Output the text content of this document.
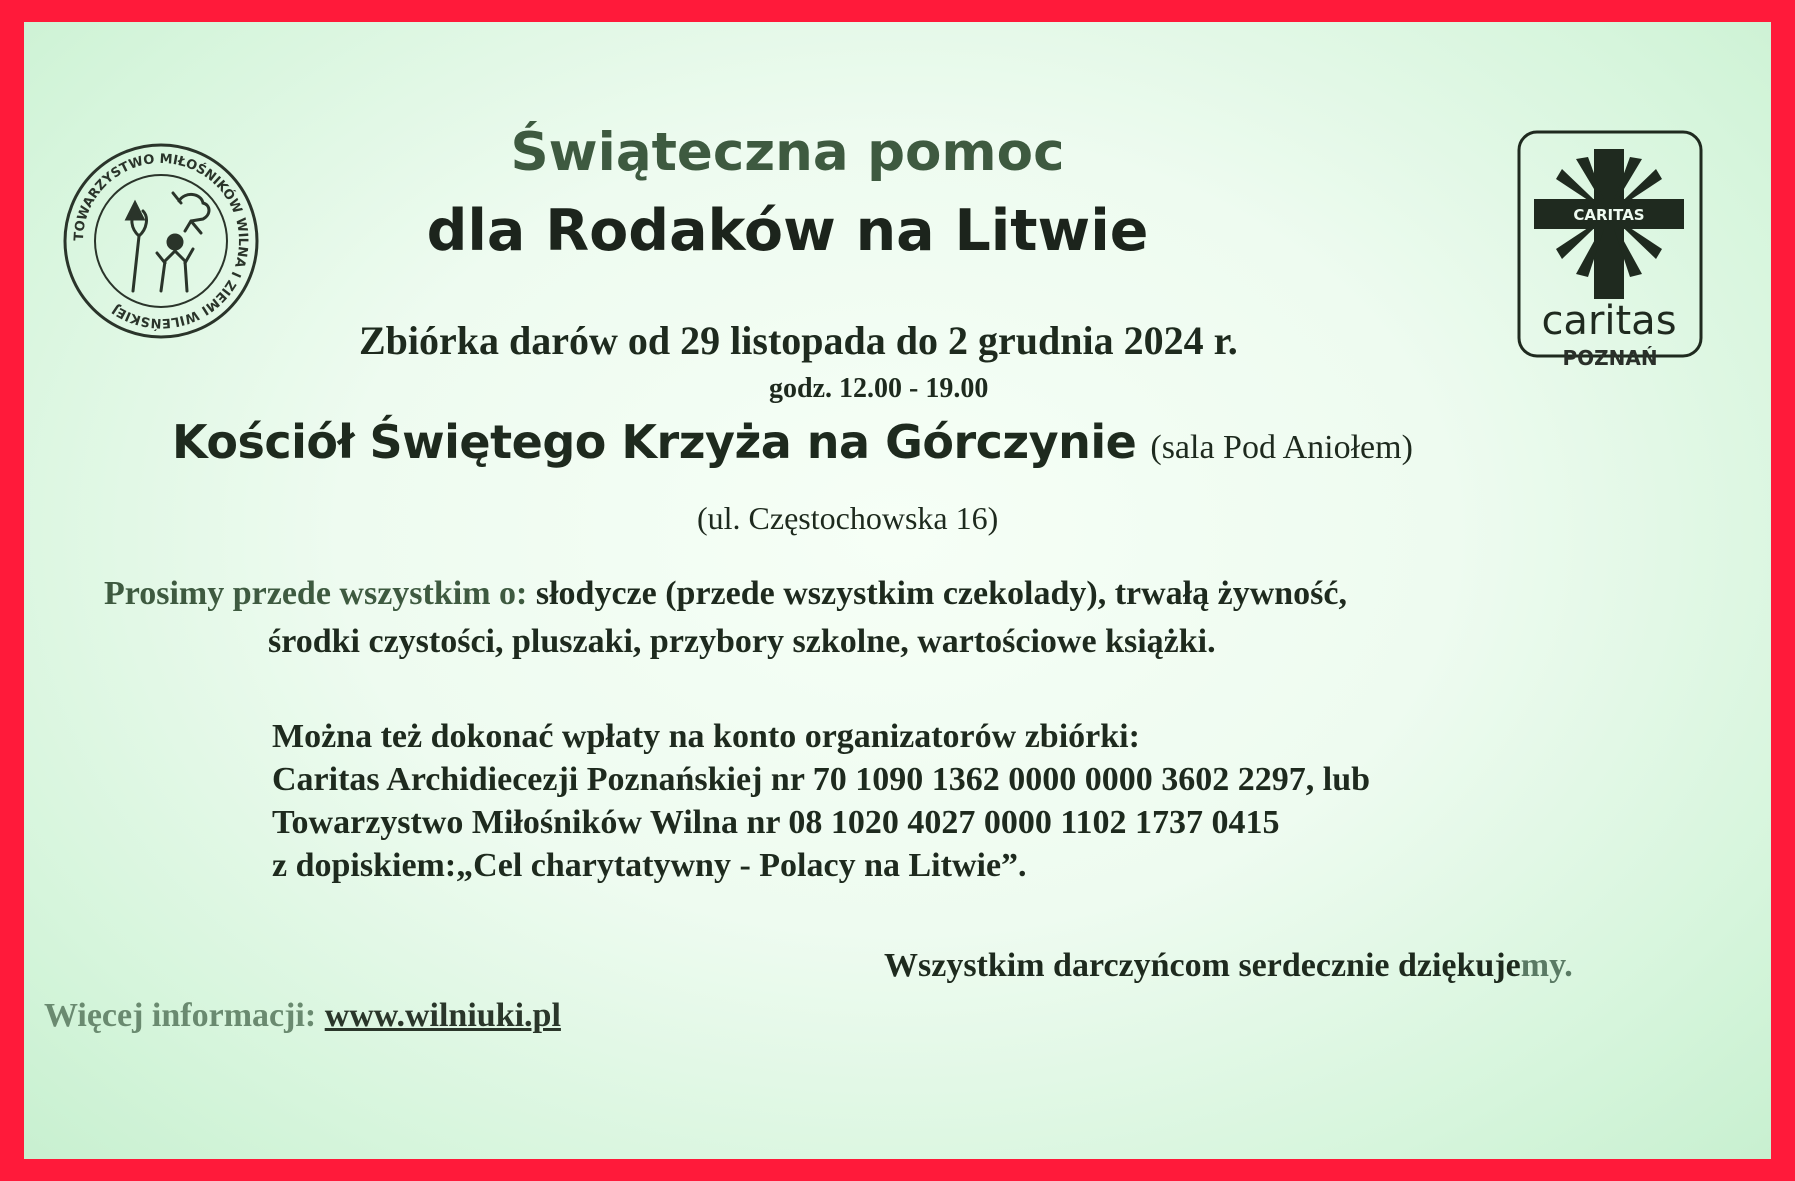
TOWARZYSTWO MIŁOŚNIKÓW WILNA I ZIEMI WILEŃSKIEJ
CARITAS
caritas
POZNAŃ
Świąteczna pomoc
dla Rodaków na Litwie
Zbiórka darów od 29 listopada do 2 grudnia 2024 r.
godz. 12.00 - 19.00
Kościół Świętego Krzyża na Górczynie (sala Pod Aniołem)
(ul. Częstochowska 16)
Prosimy przede wszystkim o: słodycze (przede wszystkim czekolady), trwałą żywność,
środki czystości, pluszaki, przybory szkolne, wartościowe książki.
Można też dokonać wpłaty na konto organizatorów zbiórki:
Caritas Archidiecezji Poznańskiej nr 70 1090 1362 0000 0000 3602 2297, lub
Towarzystwo Miłośników Wilna nr 08 1020 4027 0000 1102 1737 0415
z dopiskiem:„Cel charytatywny - Polacy na Litwie”.
Wszystkim darczyńcom serdecznie dziękujemy.
Więcej informacji: www.wilniuki.pl
